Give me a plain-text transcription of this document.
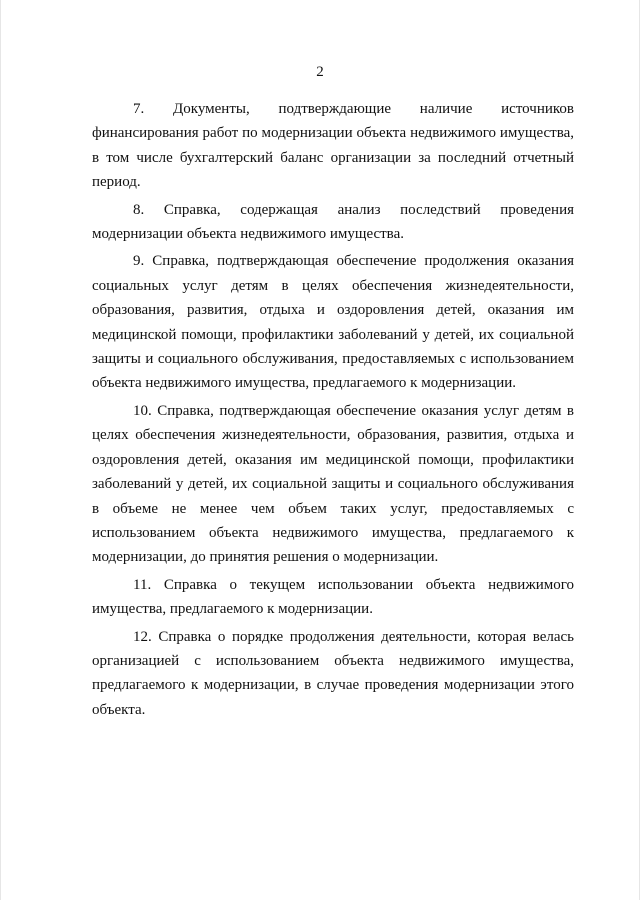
2

7. Документы, подтверждающие наличие источников финансирования работ по модернизации объекта недвижимого имущества, в том числе бухгалтерский баланс организации за последний отчетный период.

8. Справка, содержащая анализ последствий проведения модернизации объекта недвижимого имущества.

9. Справка, подтверждающая обеспечение продолжения оказания социальных услуг детям в целях обеспечения жизнедеятельности, образования, развития, отдыха и оздоровления детей, оказания им медицинской помощи, профилактики заболеваний у детей, их социальной защиты и социального обслуживания, предоставляемых с использованием объекта недвижимого имущества, предлагаемого к модернизации.

10. Справка, подтверждающая обеспечение оказания услуг детям в целях обеспечения жизнедеятельности, образования, развития, отдыха и оздоровления детей, оказания им медицинской помощи, профилактики заболеваний у детей, их социальной защиты и социального обслуживания в объеме не менее чем объем таких услуг, предоставляемых с использованием объекта недвижимого имущества, предлагаемого к модернизации, до принятия решения о модернизации.

11. Справка о текущем использовании объекта недвижимого имущества, предлагаемого к модернизации.

12. Справка о порядке продолжения деятельности, которая велась организацией с использованием объекта недвижимого имущества, предлагаемого к модернизации, в случае проведения модернизации этого объекта.
